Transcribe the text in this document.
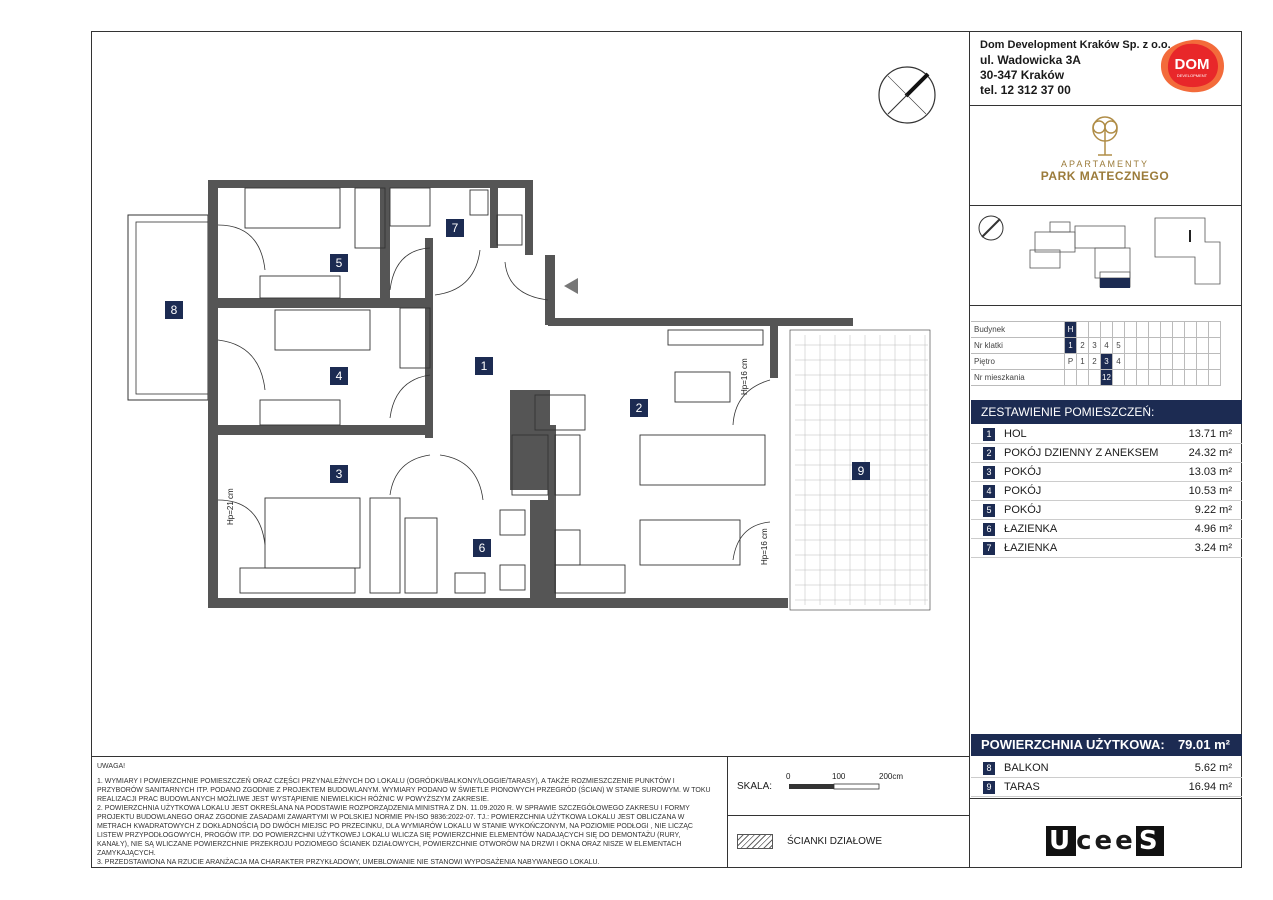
Dom Development Kraków Sp. z o.o.
ul. Wadowicka 3A
30-347 Kraków
tel. 12 312 37 00
DOM
DEVELOPMENT
APARTAMENTY
PARK MATECZNEGO
Budynek	H												
Nr klatki	1	2	3	4	5								
Piętro	P	1	2	3	4								
Nr mieszkania				12									
ZESTAWIENIE POMIESZCZEŃ:
1	HOL	13.71 m²
2	POKÓJ DZIENNY Z ANEKSEM	24.32 m²
3	POKÓJ	13.03 m²
4	POKÓJ	10.53 m²
5	POKÓJ	9.22 m²
6	ŁAZIENKA	4.96 m²
7	ŁAZIENKA	3.24 m²
POWIERZCHNIA UŻYTKOWA: 79.01 m²
8	BALKON	5.62 m²
9	TARAS	16.94 m²
UWAGA!
1. WYMIARY I POWIERZCHNIE POMIESZCZEŃ ORAZ CZĘŚCI PRZYNALEŻNYCH DO LOKALU (OGRÓDKI/BALKONY/LOGGIE/TARASY), A TAKŻE ROZMIESZCZENIE PUNKTÓW I PRZYBORÓW SANITARNYCH ITP. PODANO ZGODNIE Z PROJEKTEM BUDOWLANYM. WYMIARY PODANO W ŚWIETLE PIONOWYCH PRZEGRÓD (ŚCIAN) W STANIE SUROWYM. W TOKU REALIZACJI PRAC BUDOWLANYCH MOŻLIWE JEST WYSTĄPIENIE NIEWIELKICH RÓŻNIC W POWYŻSZYM ZAKRESIE.
2. POWIERZCHNIA UŻYTKOWA LOKALU JEST OKREŚLANA NA PODSTAWIE ROZPORZĄDZENIA MINISTRA Z DN. 11.09.2020 R. W SPRAWIE SZCZEGÓŁOWEGO ZAKRESU I FORMY PROJEKTU BUDOWLANEGO ORAZ ZGODNIE ZASADAMI ZAWARTYMI W POLSKIEJ NORMIE PN-ISO 9836:2022-07. TJ.: POWIERZCHNIA UŻYTKOWA LOKALU JEST OBLICZANA W METRACH KWADRATOWYCH Z DOKŁADNOŚCIĄ DO DWÓCH MIEJSC PO PRZECINKU, DLA WYMIARÓW LOKALU W STANIE WYKOŃCZONYM, NA POZIOMIE PODŁOGI , NIE LICZĄC LISTEW PRZYPODŁOGOWYCH, PROGÓW ITP. DO POWIERZCHNI UŻYTKOWEJ LOKALU WLICZA SIĘ POWIERZCHNIE ELEMENTÓW NADAJĄCYCH SIĘ DO DEMONTAŻU (RURY, KANAŁY), NIE SĄ WLICZANE POWIERZCHNIE PRZEKROJU POZIOMEGO ŚCIANEK DZIAŁOWYCH, POWIERZCHNIE OTWORÓW NA DRZWI I OKNA ORAZ NISZE W ELEMENTACH ZAMYKAJĄCYCH.
3. PRZEDSTAWIONA NA RZUCIE ARANŻACJA MA CHARAKTER PRZYKŁADOWY, UMEBLOWANIE NIE STANOWI WYPOSAŻENIA NABYWANEGO LOKALU.
SKALA:
0	100	200cm
ŚCIANKI DZIAŁOWE	U cee S
1
2
3
4
5
6
7
8
9
Hp=16 cm
Hp=21 cm
Hp=16 cm
